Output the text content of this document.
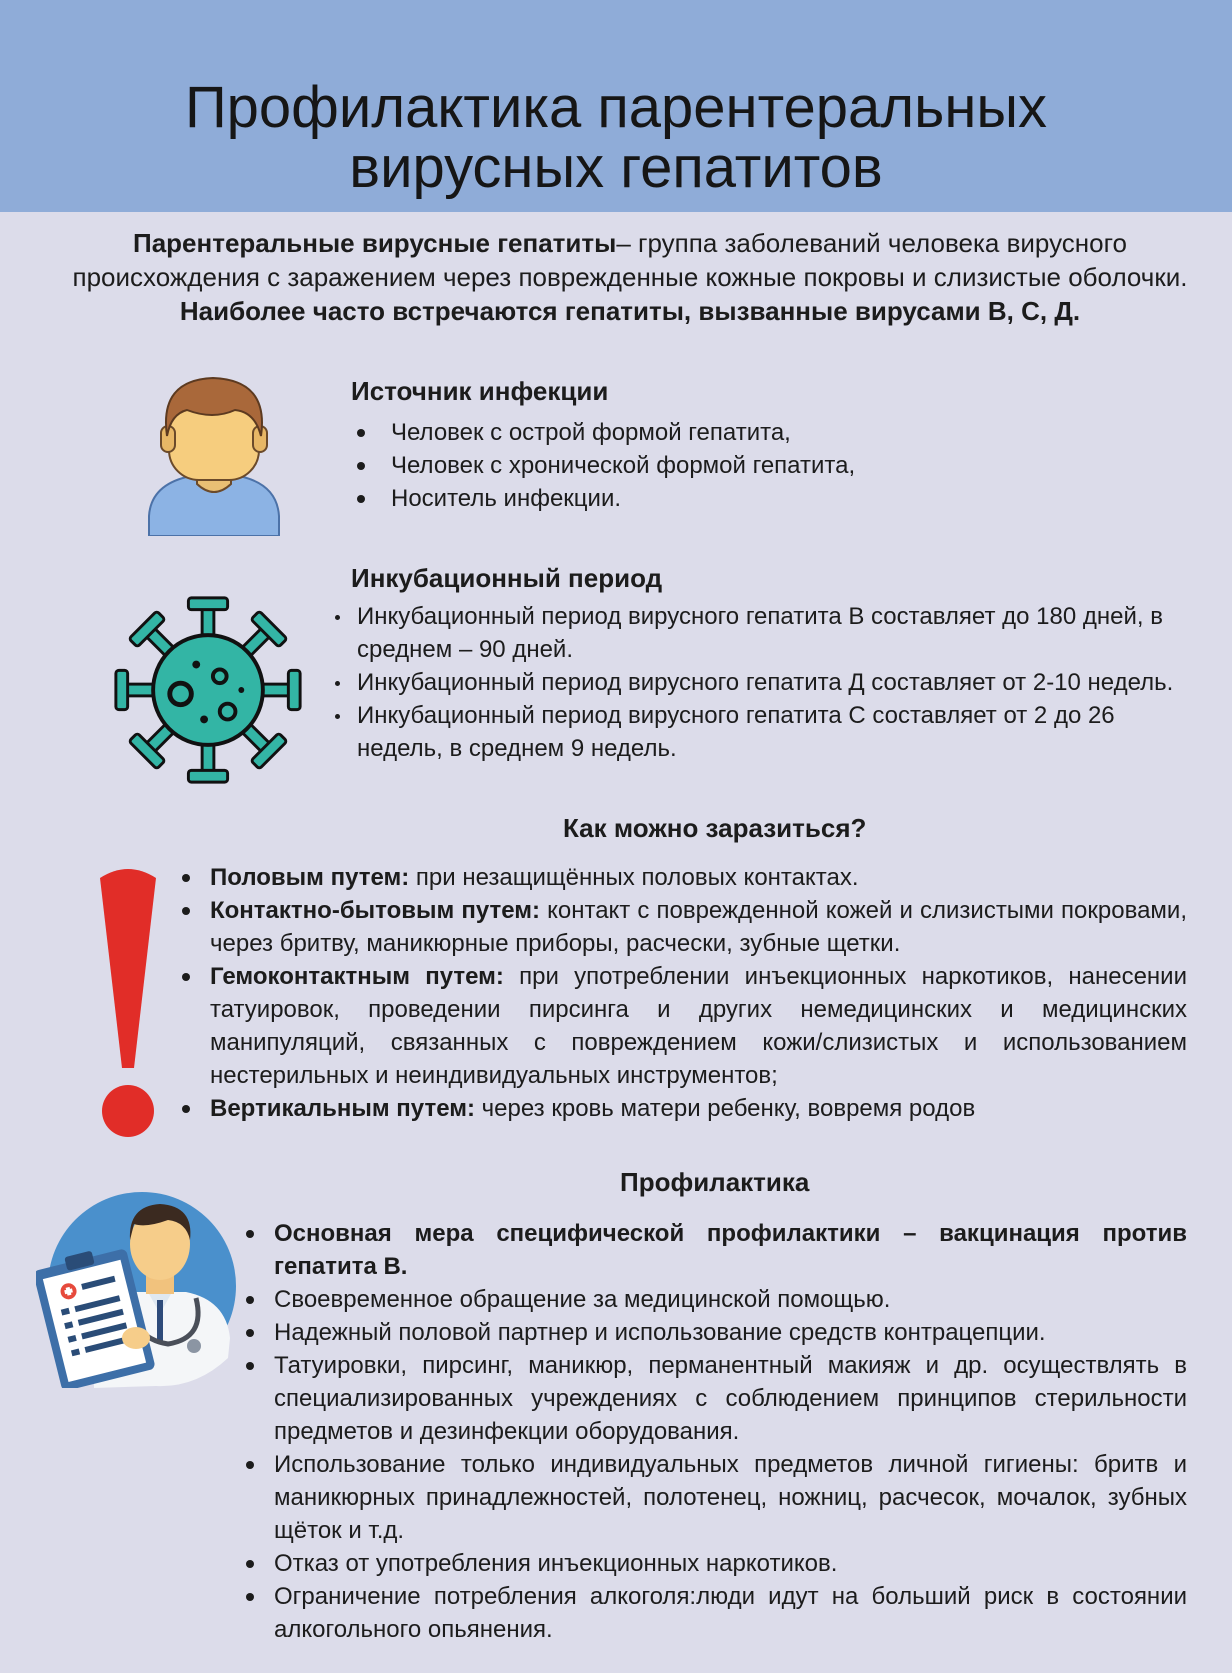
Профилактика парентеральных
вирусных гепатитов

Парентеральные вирусные гепатиты– группа заболеваний человека вирусного происхождения с заражением через поврежденные кожные покровы и слизистые оболочки. Наиболее часто встречаются гепатиты, вызванные вирусами В, С, Д.

Источник инфекции
Человек с острой формой гепатита,
Человек с хронической формой гепатита,
Носитель инфекции.
Инкубационный период
Инкубационный период вирусного гепатита В составляет до 180 дней, в среднем – 90 дней.
Инкубационный период вирусного гепатита Д составляет от 2-10 недель.
Инкубационный период вирусного гепатита С составляет от 2 до 26 недель, в среднем 9 недель.
Как можно заразиться?
Половым путем: при незащищённых половых контактах.
Контактно-бытовым путем: контакт с поврежденной кожей и слизистыми покровами, через бритву, маникюрные приборы, расчески, зубные щетки.
Гемоконтактным путем: при употреблении инъекционных наркотиков, нанесении татуировок, проведении пирсинга и других немедицинских и медицинских манипуляций, связанных с повреждением кожи/слизистых и использованием нестерильных и неиндивидуальных инструментов;
Вертикальным путем: через кровь матери ребенку, вовремя родов
Профилактика
Основная мера специфической профилактики – вакцинация против гепатита В.
Своевременное обращение за медицинской помощью.
Надежный половой партнер и использование средств контрацепции.
Татуировки, пирсинг, маникюр, перманентный макияж и др. осуществлять в специализированных учреждениях с соблюдением принципов стерильности предметов и дезинфекции оборудования.
Использование только индивидуальных предметов личной гигиены: бритв и маникюрных принадлежностей, полотенец, ножниц, расчесок, мочалок, зубных щёток и т.д.
Отказ от употребления инъекционных наркотиков.
Ограничение потребления алкоголя:люди идут на больший риск в состоянии алкогольного опьянения.
